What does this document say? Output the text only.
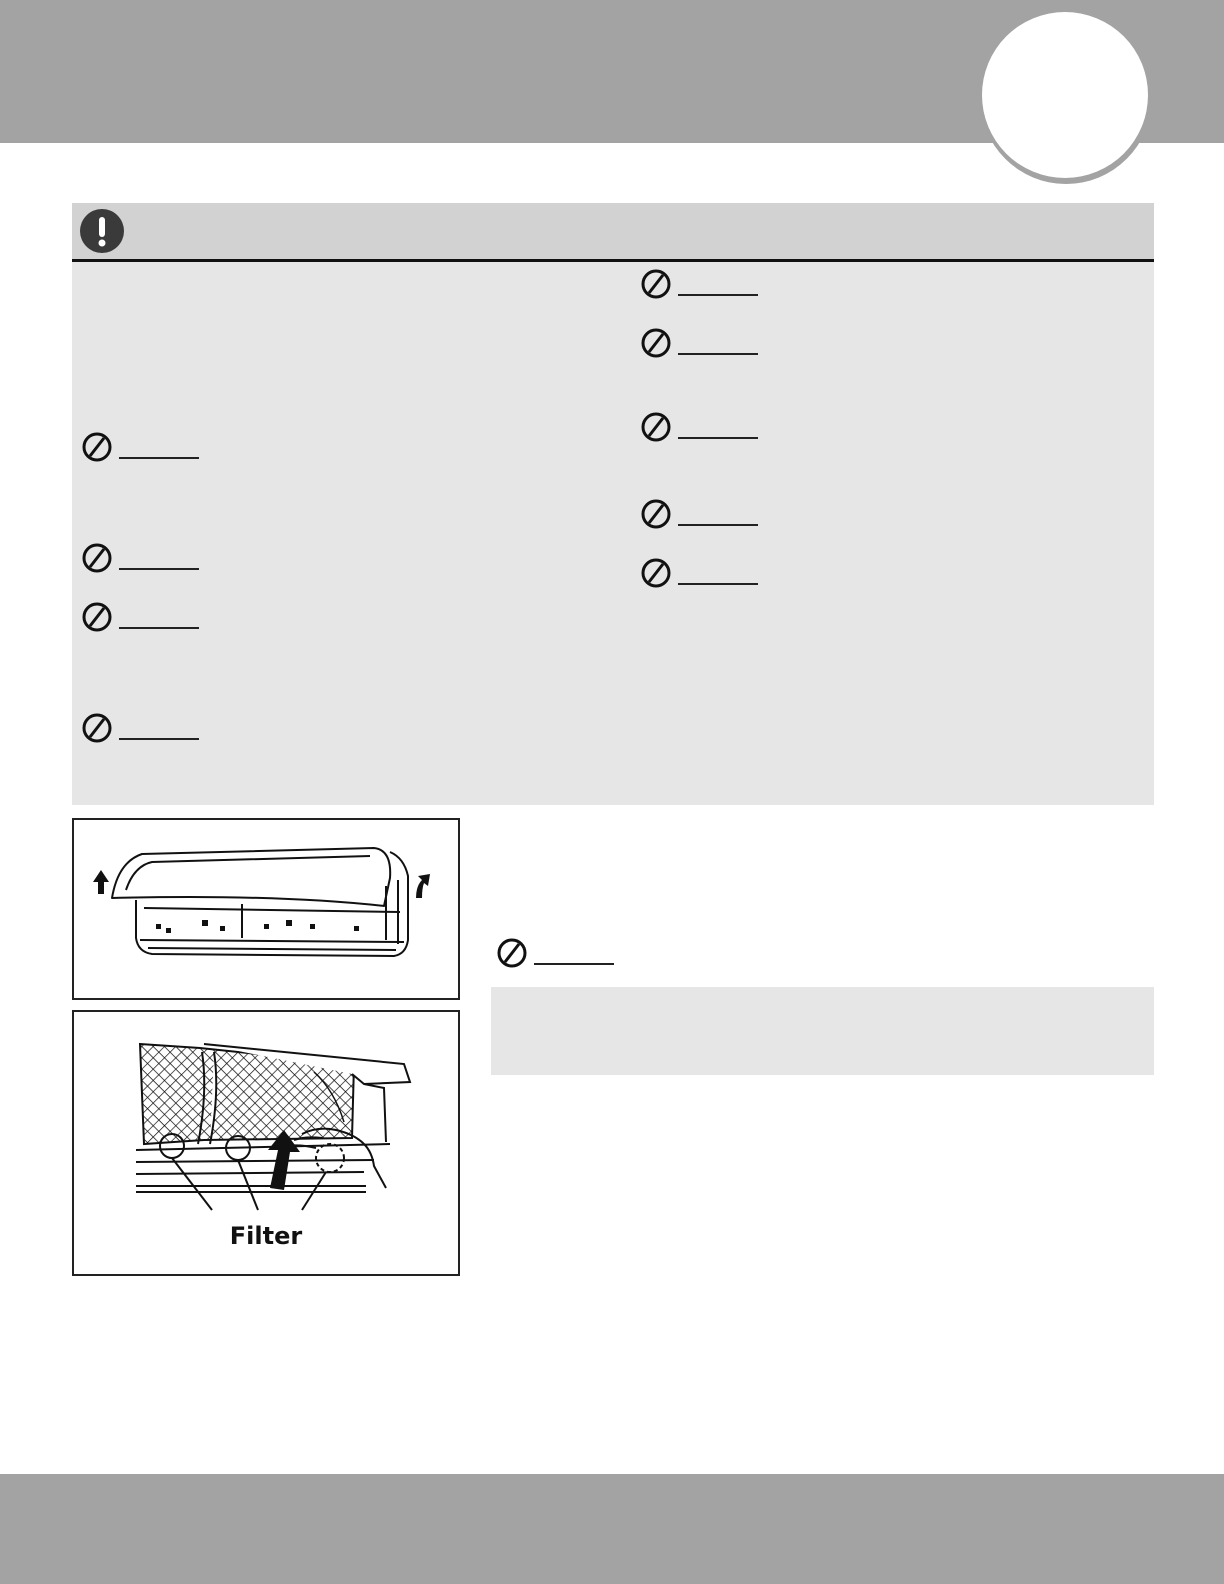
Filter
